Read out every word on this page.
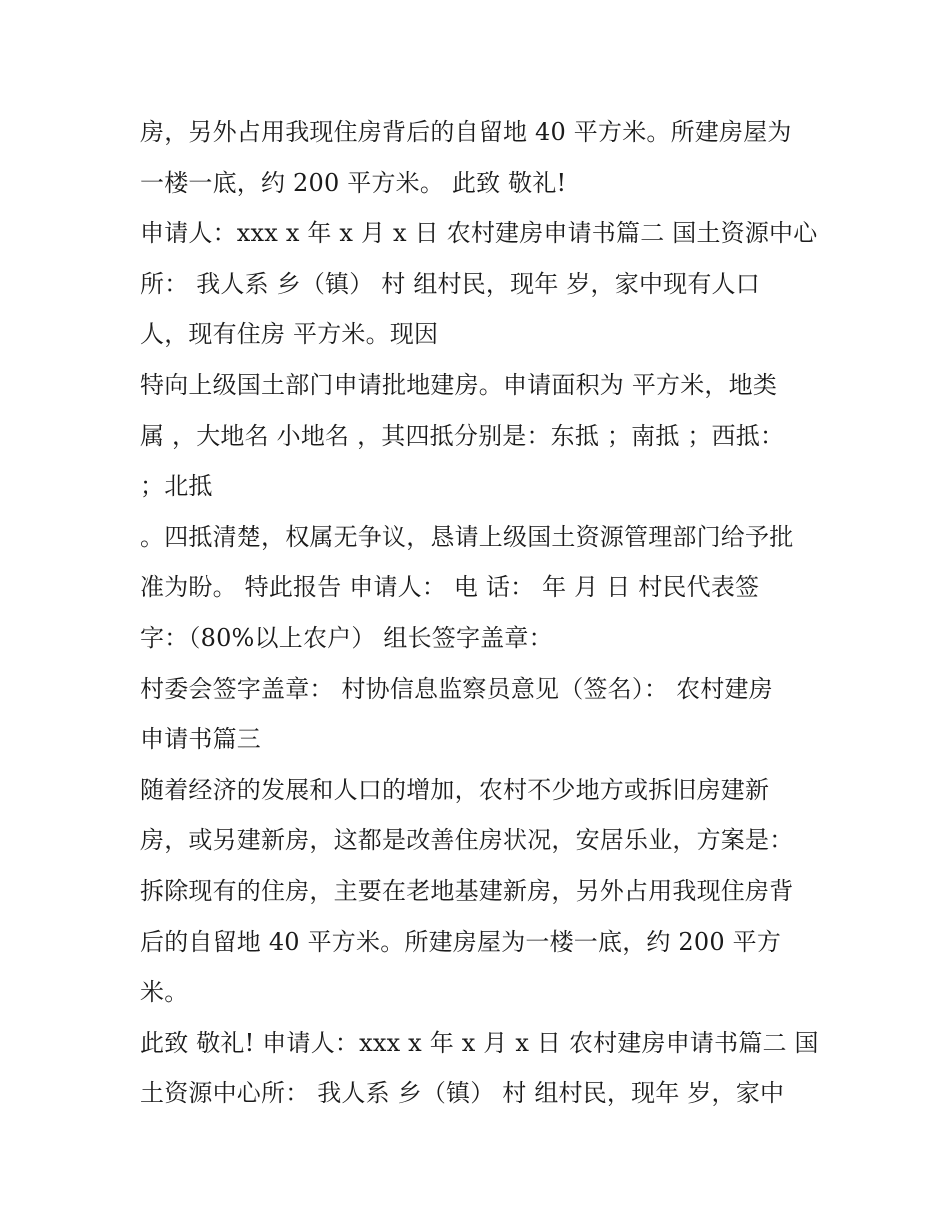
房，另外占用我现住房背后的自留地 40 平方米。所建房屋为
一楼一底，约 200 平方米。 此致 敬礼!
申请人：xxx x 年 x 月 x 日 农村建房申请书篇二 国土资源中心
所： 我人系 乡（镇） 村 组村民，现年 岁，家中现有人口
人，现有住房 平方米。现因
特向上级国土部门申请批地建房。申请面积为 平方米，地类
属 ，大地名 小地名 ，其四抵分别是：东抵 ；南抵 ；西抵：
；北抵
。四抵清楚，权属无争议，恳请上级国土资源管理部门给予批
准为盼。 特此报告 申请人： 电 话： 年 月 日 村民代表签
字：（80%以上农户） 组长签字盖章：
村委会签字盖章： 村协信息监察员意见（签名）： 农村建房
申请书篇三
随着经济的发展和人口的增加，农村不少地方或拆旧房建新
房，或另建新房，这都是改善住房状况，安居乐业，方案是：
拆除现有的住房，主要在老地基建新房，另外占用我现住房背
后的自留地 40 平方米。所建房屋为一楼一底，约 200 平方
米。
此致 敬礼! 申请人：xxx x 年 x 月 x 日 农村建房申请书篇二 国
土资源中心所： 我人系 乡（镇） 村 组村民，现年 岁，家中
